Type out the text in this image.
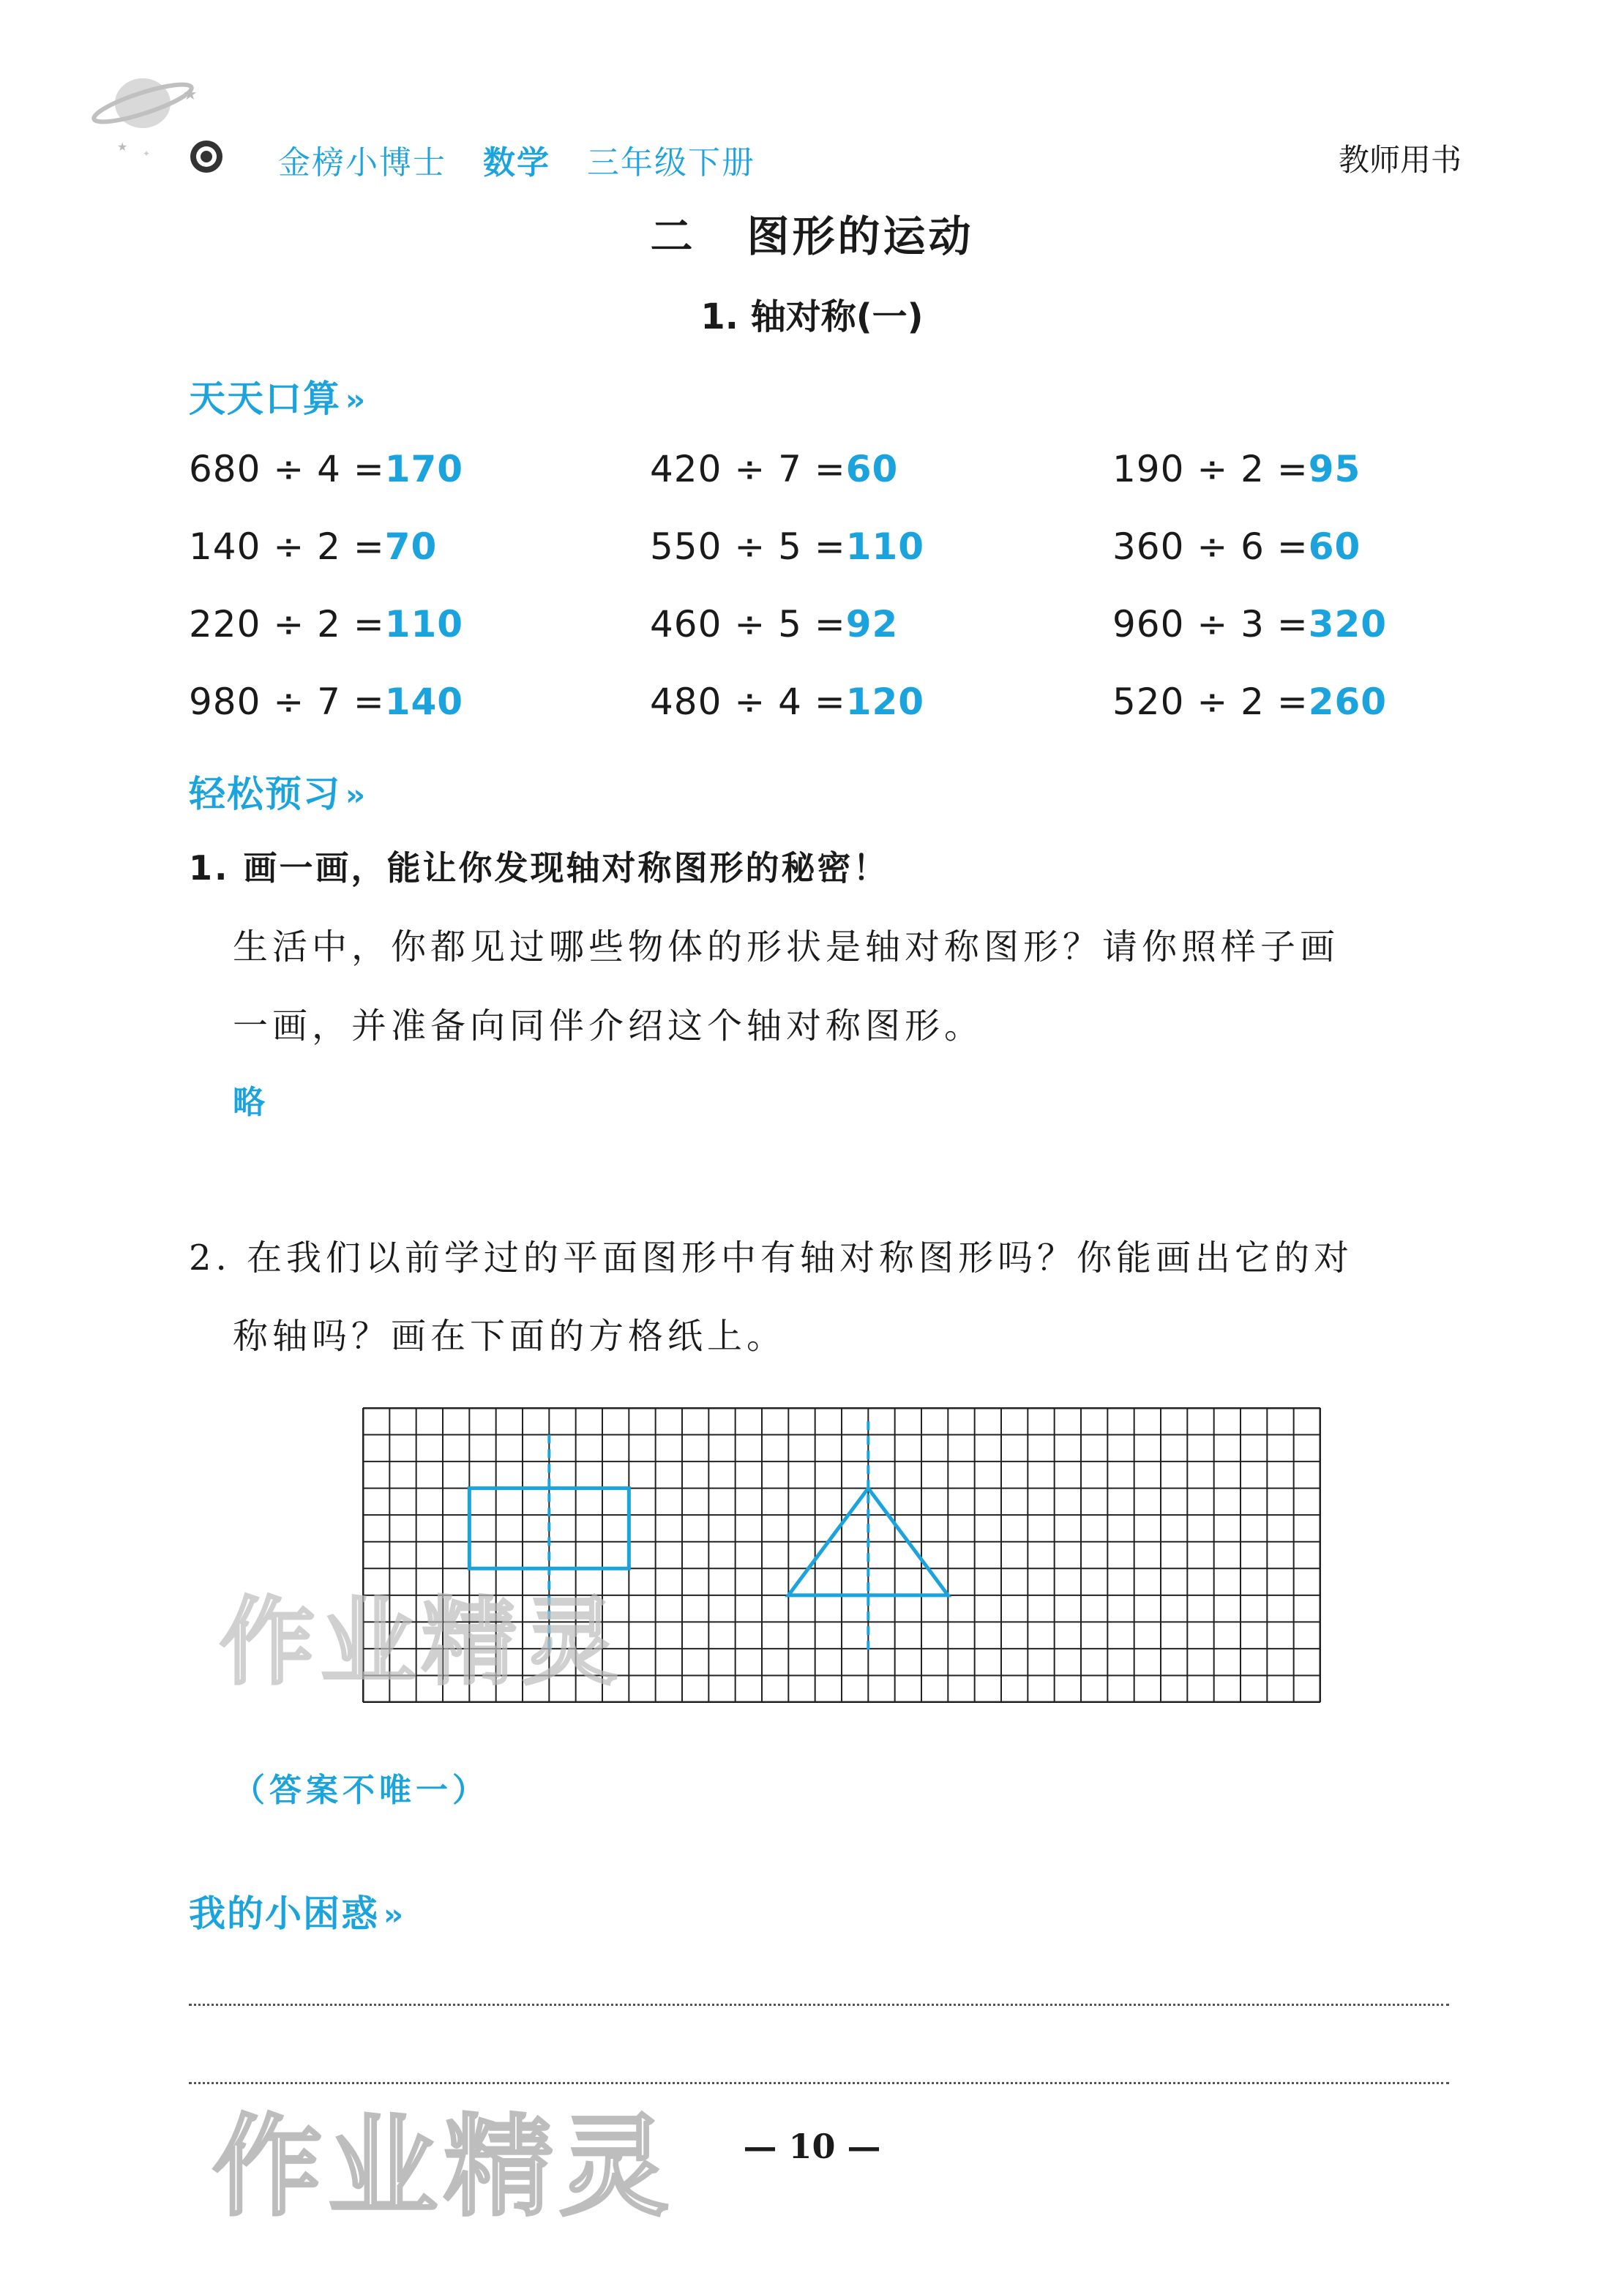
★
★ ✦	金榜小博士 数学 三年级下册	教师用书
二 图形的运动
1. 轴对称(一)
天天口算 ››
680 ÷ 4 =170	420 ÷ 7 =60	190 ÷ 2 =95
140 ÷ 2 =70	550 ÷ 5 =110	360 ÷ 6 =60
220 ÷ 2 =110	460 ÷ 5 =92	960 ÷ 3 =320
980 ÷ 7 =140	480 ÷ 4 =120	520 ÷ 2 =260
轻松预习 ››
1. 画一画，能让你发现轴对称图形的秘密！
生活中，你都见过哪些物体的形状是轴对称图形？请你照样子画
一画，并准备向同伴介绍这个轴对称图形。
略
2. 在我们以前学过的平面图形中有轴对称图形吗？你能画出它的对
称轴吗？画在下面的方格纸上。
（答案不唯一）
我的小困惑 ››
— 10 —
作业精灵
作业精灵
